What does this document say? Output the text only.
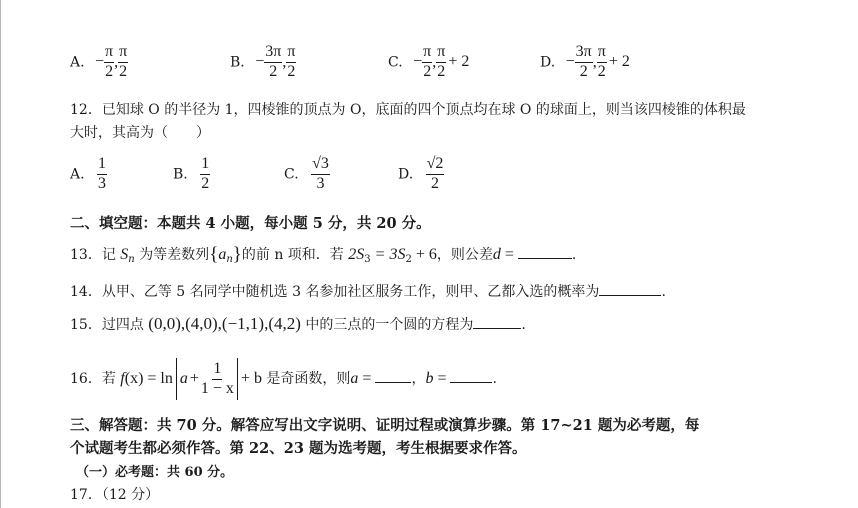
A. − $\frac{\pi}{2}$ , $\frac{\pi}{2}$	B. − $\frac{3\pi}{2}$ , $\frac{\pi}{2}$	C. − $\frac{\pi}{2}$ , $\frac{\pi}{2} + 2$	D. − $\frac{3\pi}{2}$ , $\frac{\pi}{2} + 2$
12．已知球 O 的半径为 1，四棱锥的顶点为 O，底面的四个顶点均在球 O 的球面上，则当该四棱锥的体积最
大时，其高为（　　）
A. $\frac{1}{3}$	B. $\frac{1}{2}$	C. $\frac{√3}{3}$	D. $\frac{√2}{2}$
二、填空题：本题共 4 小题，每小题 5 分，共 20 分。
13．记 $S_n$ 为等差数列$\{a_n\}$的前 n 项和．若 $2S_3 = 3S_2 + 6$，则公差d =	.
14．从甲、乙等 5 名同学中随机选 3 名参加社区服务工作，则甲、乙都入选的概率为	.
15．过四点 (0,0),(4,0),(−1,1),(4,2) 中的三点的一个圆的方程为	.
16．若 $f(x) = \ln a + \frac{1}{1 - x} + b$ 是奇函数，则a =	，b =	.
三、解答题：共 70 分。解答应写出文字说明、证明过程或演算步骤。第 17~21 题为必考题，每
个试题考生都必须作答。第 22、23 题为选考题，考生根据要求作答。
（一）必考题：共 60 分。
17．（12 分）
